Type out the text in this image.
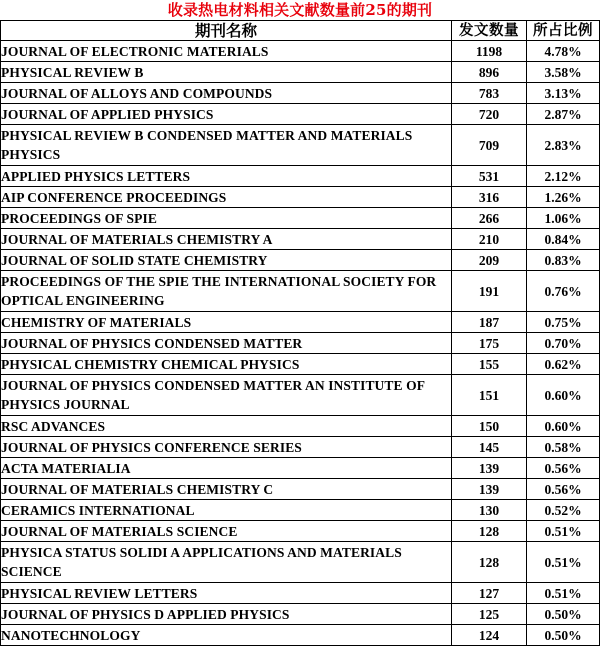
收录热电材料相关文献数量前25的期刊
期刊名称	发文数量	所占比例
JOURNAL OF ELECTRONIC MATERIALS	1198	4.78%
PHYSICAL REVIEW B	896	3.58%
JOURNAL OF ALLOYS AND COMPOUNDS	783	3.13%
JOURNAL OF APPLIED PHYSICS	720	2.87%
PHYSICAL REVIEW B CONDENSED MATTER AND MATERIALS PHYSICS	709	2.83%
APPLIED PHYSICS LETTERS	531	2.12%
AIP CONFERENCE PROCEEDINGS	316	1.26%
PROCEEDINGS OF SPIE	266	1.06%
JOURNAL OF MATERIALS CHEMISTRY A	210	0.84%
JOURNAL OF SOLID STATE CHEMISTRY	209	0.83%
PROCEEDINGS OF THE SPIE THE INTERNATIONAL SOCIETY FOR OPTICAL ENGINEERING	191	0.76%
CHEMISTRY OF MATERIALS	187	0.75%
JOURNAL OF PHYSICS CONDENSED MATTER	175	0.70%
PHYSICAL CHEMISTRY CHEMICAL PHYSICS	155	0.62%
JOURNAL OF PHYSICS CONDENSED MATTER AN INSTITUTE OF PHYSICS JOURNAL	151	0.60%
RSC ADVANCES	150	0.60%
JOURNAL OF PHYSICS CONFERENCE SERIES	145	0.58%
ACTA MATERIALIA	139	0.56%
JOURNAL OF MATERIALS CHEMISTRY C	139	0.56%
CERAMICS INTERNATIONAL	130	0.52%
JOURNAL OF MATERIALS SCIENCE	128	0.51%
PHYSICA STATUS SOLIDI A APPLICATIONS AND MATERIALS SCIENCE	128	0.51%
PHYSICAL REVIEW LETTERS	127	0.51%
JOURNAL OF PHYSICS D APPLIED PHYSICS	125	0.50%
NANOTECHNOLOGY	124	0.50%
